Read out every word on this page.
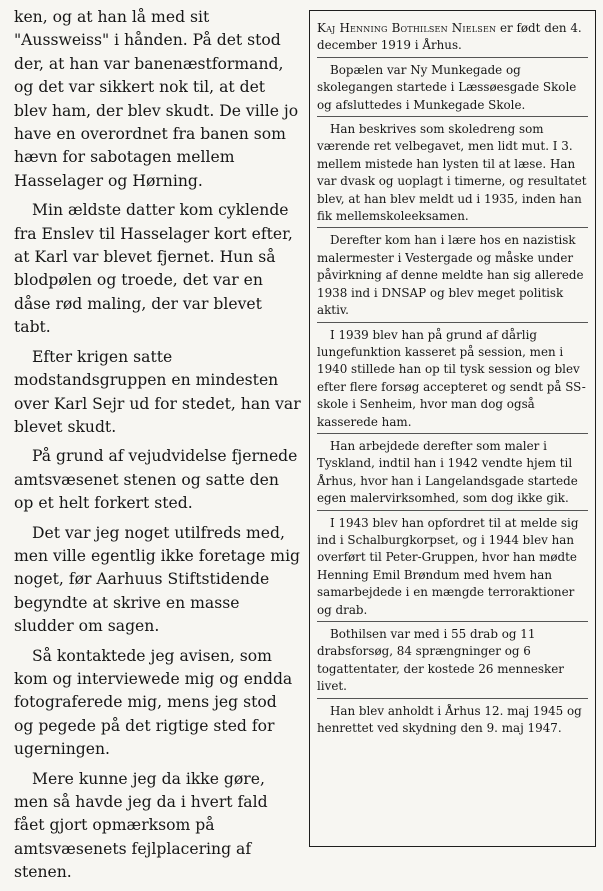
ken, og at han lå med sit "Aussweiss" i hånden. På det stod der, at han var banenæstformand, og det var sikkert nok til, at det blev ham, der blev skudt. De ville jo have en overordnet fra banen som hævn for sabotagen mellem Hasselager og Hørning.

Min ældste datter kom cyklende fra Enslev til Hasselager kort efter, at Karl var blevet fjernet. Hun så blodpølen og troede, det var en dåse rød maling, der var blevet tabt.

Efter krigen satte modstandsgruppen en mindesten over Karl Sejr ud for stedet, han var blevet skudt.

På grund af vejudvidelse fjernede amtsvæsenet stenen og satte den op et helt forkert sted.

Det var jeg noget utilfreds med, men ville egentlig ikke foretage mig noget, før Aarhuus Stiftstidende begyndte at skrive en masse sludder om sagen.

Så kontaktede jeg avisen, som kom og interviewede mig og endda fotograferede mig, mens jeg stod og pegede på det rigtige sted for ugerningen.

Mere kunne jeg da ikke gøre, men så havde jeg da i hvert fald fået gjort opmærksom på amtsvæsenets fejlplacering af stenen.

Kaj Henning Bothilsen Nielsen er født den 4. december 1919 i Århus.

Bopælen var Ny Munkegade og skolegangen startede i Læssøesgade Skole og afsluttedes i Munkegade Skole.

Han beskrives som skoledreng som værende ret velbegavet, men lidt mut. I 3. mellem mistede han lysten til at læse. Han var dvask og uoplagt i timerne, og resultatet blev, at han blev meldt ud i 1935, inden han fik mellemskoleeksamen.

Derefter kom han i lære hos en nazistisk malermester i Vestergade og måske under påvirkning af denne meldte han sig allerede 1938 ind i DNSAP og blev meget politisk aktiv.

I 1939 blev han på grund af dårlig lungefunktion kasseret på session, men i 1940 stillede han op til tysk session og blev efter flere forsøg accepteret og sendt på SS-skole i Senheim, hvor man dog også kasserede ham.

Han arbejdede derefter som maler i Tyskland, indtil han i 1942 vendte hjem til Århus, hvor han i Langelandsgade startede egen malervirksomhed, som dog ikke gik.

I 1943 blev han opfordret til at melde sig ind i Schalburgkorpset, og i 1944 blev han overført til Peter-Gruppen, hvor han mødte Henning Emil Brøndum med hvem han samarbejdede i en mængde terroraktioner og drab.

Bothilsen var med i 55 drab og 11 drabsforsøg, 84 sprængninger og 6 togattentater, der kostede 26 mennesker livet.

Han blev anholdt i Århus 12. maj 1945 og henrettet ved skydning den 9. maj 1947.
